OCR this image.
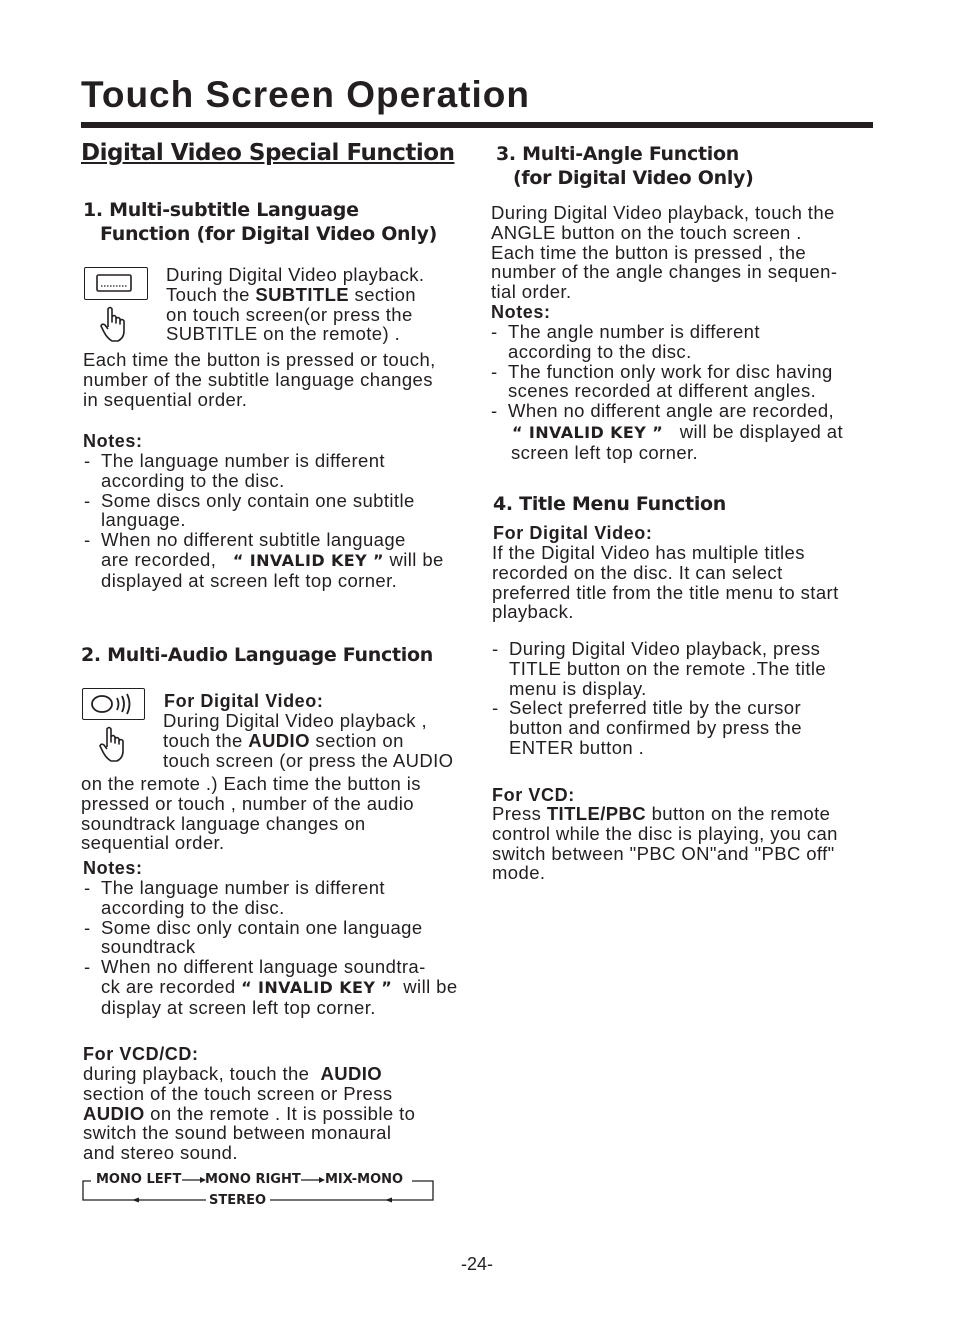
Touch Screen Operation
Digital Video Special Function
1. Multi-subtitle Language
Function (for Digital Video Only)
During Digital Video playback.
Touch the SUBTITLE section
on touch screen(or press the
SUBTITLE on the remote) .
Each time the button is pressed or touch,
number of the subtitle language changes
in sequential order.
Notes:
- The language number is different
according to the disc.
- Some discs only contain one subtitle
language.
- When no different subtitle language
are recorded, “ INVALID KEY ” will be
displayed at screen left top corner.
2. Multi-Audio Language Function
For Digital Video:
During Digital Video playback ,
touch the AUDIO section on
touch screen (or press the AUDIO
on the remote .) Each time the button is
pressed or touch , number of the audio
soundtrack language changes on
sequential order.
Notes:
- The language number is different
according to the disc.
- Some disc only contain one language
soundtrack
- When no different language soundtra-
ck are recorded “ INVALID KEY ” will be
display at screen left top corner.
For VCD/CD:
during playback, touch the  AUDIO
section of the touch screen or Press
AUDIO on the remote . It is possible to
switch the sound between monaural
and stereo sound.
MONO LEFT MONO RIGHT MIX-MONO
STEREO
3. Multi-Angle Function
(for Digital Video Only)
During Digital Video playback, touch the
ANGLE button on the touch screen .
Each time the button is pressed , the
number of the angle changes in sequen-
tial order.
Notes:
- The angle number is different
according to the disc.
- The function only work for disc having
scenes recorded at different angles.
- When no different angle are recorded,
“ INVALID KEY ” will be displayed at
screen left top corner.
4. Title Menu Function
For Digital Video:
If the Digital Video has multiple titles
recorded on the disc. It can select
preferred title from the title menu to start
playback.
- During Digital Video playback, press
TITLE button on the remote .The title
menu is display.
- Select preferred title by the cursor
button and confirmed by press the
ENTER button .
For VCD:
Press TITLE/PBC button on the remote
control while the disc is playing, you can
switch between "PBC ON"and "PBC off"
mode.
-24-
